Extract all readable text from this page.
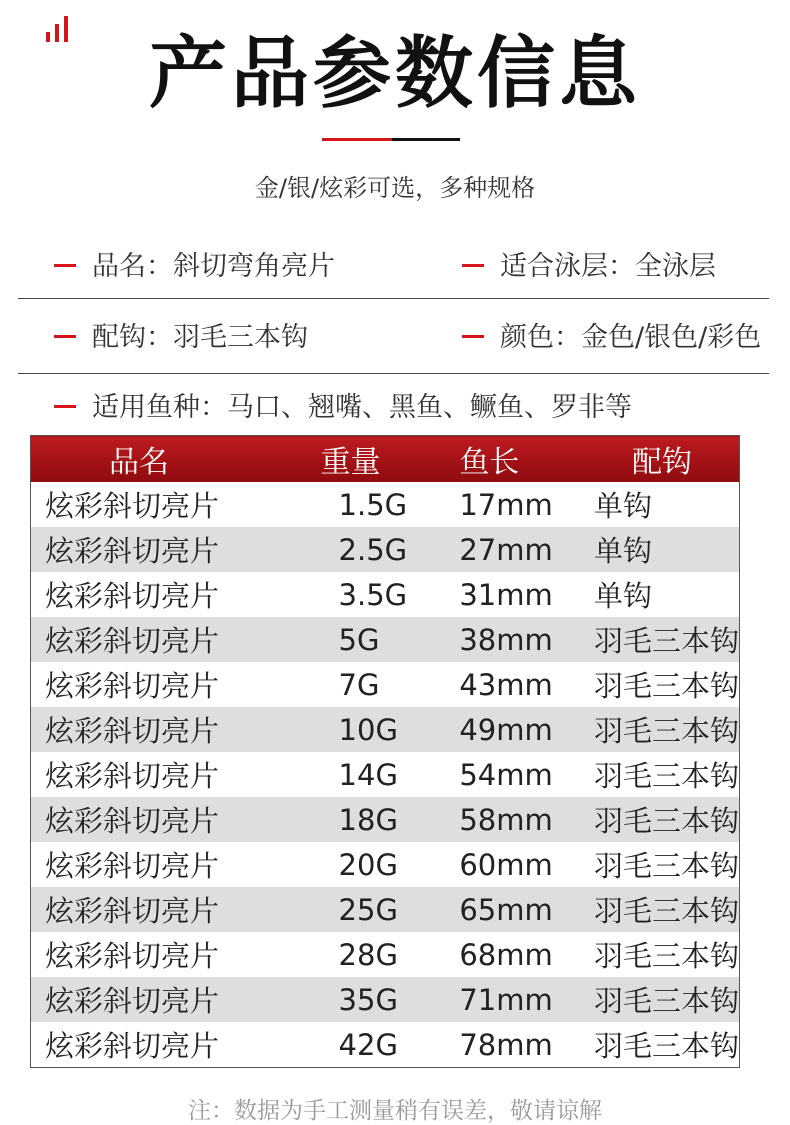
产品参数信息
金/银/炫彩可选，多种规格
品名：斜切弯角亮片	适合泳层：全泳层
配钩：羽毛三本钩	颜色：金色/银色/彩色
适用鱼种：马口、翘嘴、黑鱼、鳜鱼、罗非等
品名	重量	鱼长	配钩
炫彩斜切亮片	1.5G	17mm	单钩
炫彩斜切亮片	2.5G	27mm	单钩
炫彩斜切亮片	3.5G	31mm	单钩
炫彩斜切亮片	5G	38mm	羽毛三本钩
炫彩斜切亮片	7G	43mm	羽毛三本钩
炫彩斜切亮片	10G	49mm	羽毛三本钩
炫彩斜切亮片	14G	54mm	羽毛三本钩
炫彩斜切亮片	18G	58mm	羽毛三本钩
炫彩斜切亮片	20G	60mm	羽毛三本钩
炫彩斜切亮片	25G	65mm	羽毛三本钩
炫彩斜切亮片	28G	68mm	羽毛三本钩
炫彩斜切亮片	35G	71mm	羽毛三本钩
炫彩斜切亮片	42G	78mm	羽毛三本钩
注：数据为手工测量稍有误差，敬请谅解
